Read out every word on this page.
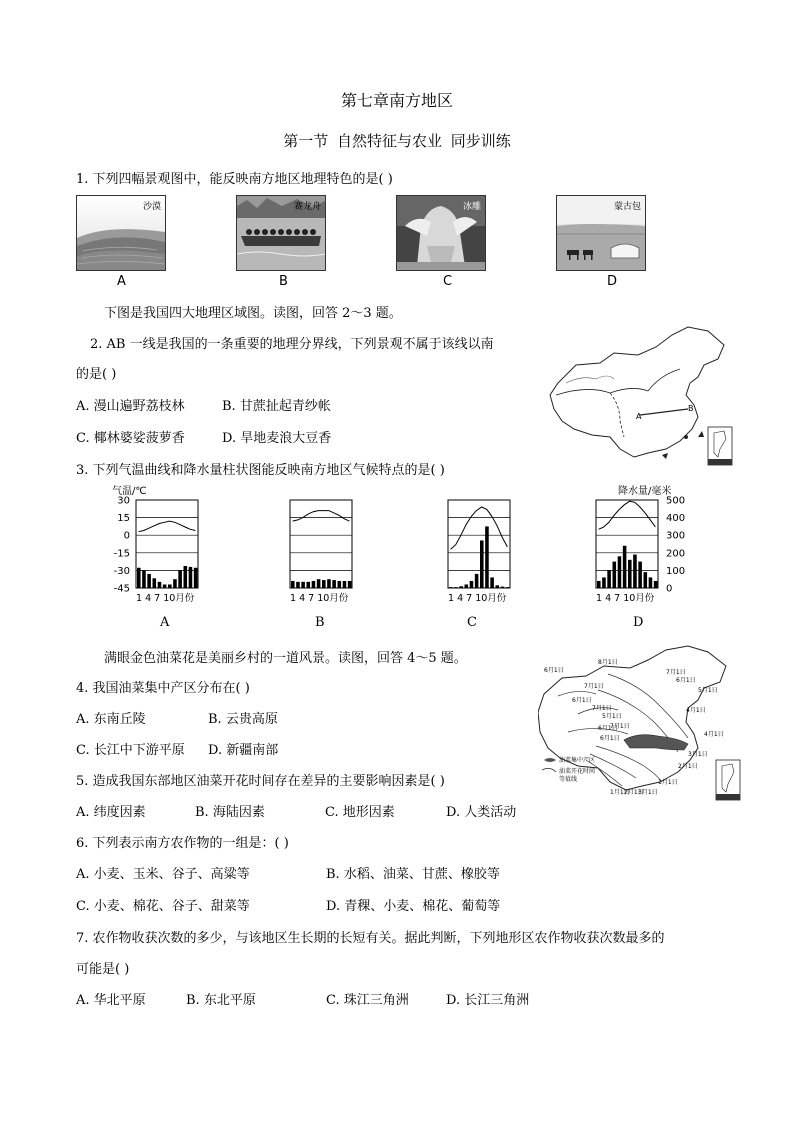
第七章南方地区
第一节 自然特征与农业 同步训练
1. 下列四幅景观图中，能反映南方地区地理特色的是( )
沙漠
A
赛龙舟
B
冰雕
C
蒙古包
D
下图是我国四大地理区域图。读图，回答 2～3 题。
2. AB 一线是我国的一条重要的地理分界线，下列景观不属于该线以南
的是( )
A. 漫山遍野荔枝林	B. 甘蔗扯起青纱帐
C. 椰林婆娑菠萝香	D. 旱地麦浪大豆香
A
B
3. 下列气温曲线和降水量柱状图能反映南方地区气候特点的是( )
气温/℃	降水量/毫米
30
15
0
-15
-30
-45
500
400
300
200
100
0
1 4 7 10月份	1 4 7 10月份	1 4 7 10月份	1 4 7 10月份
A	B	C	D
满眼金色油菜花是美丽乡村的一道风景。读图，回答 4～5 题。
4. 我国油菜集中产区分布在( )
A. 东南丘陵	B. 云贵高原
C. 长江中下游平原 D. 新疆南部
5. 造成我国东部地区油菜开花时间存在差异的主要影响因素是( )
A. 纬度因素	B. 海陆因素	C. 地形因素	D. 人类活动
6月1日
8月1日
7月1日
6月1日
7月1日
5月1日
6月1日
7月1日
6月1日
5月1日
4月1日
3月1日
2月1日
1月1日
4月1日
6月1日
7月1日
3月1日
2月1日
1月1日
油菜集中产区
油菜开花时间
等值线
6. 下列表示南方农作物的一组是：( )
A. 小麦、玉米、谷子、高粱等	B. 水稻、油菜、甘蔗、橡胶等
C. 小麦、棉花、谷子、甜菜等	D. 青稞、小麦、棉花、葡萄等
7. 农作物收获次数的多少，与该地区生长期的长短有关。据此判断，下列地形区农作物收获次数最多的
可能是( )
A. 华北平原	B. 东北平原	C. 珠江三角洲	D. 长江三角洲
